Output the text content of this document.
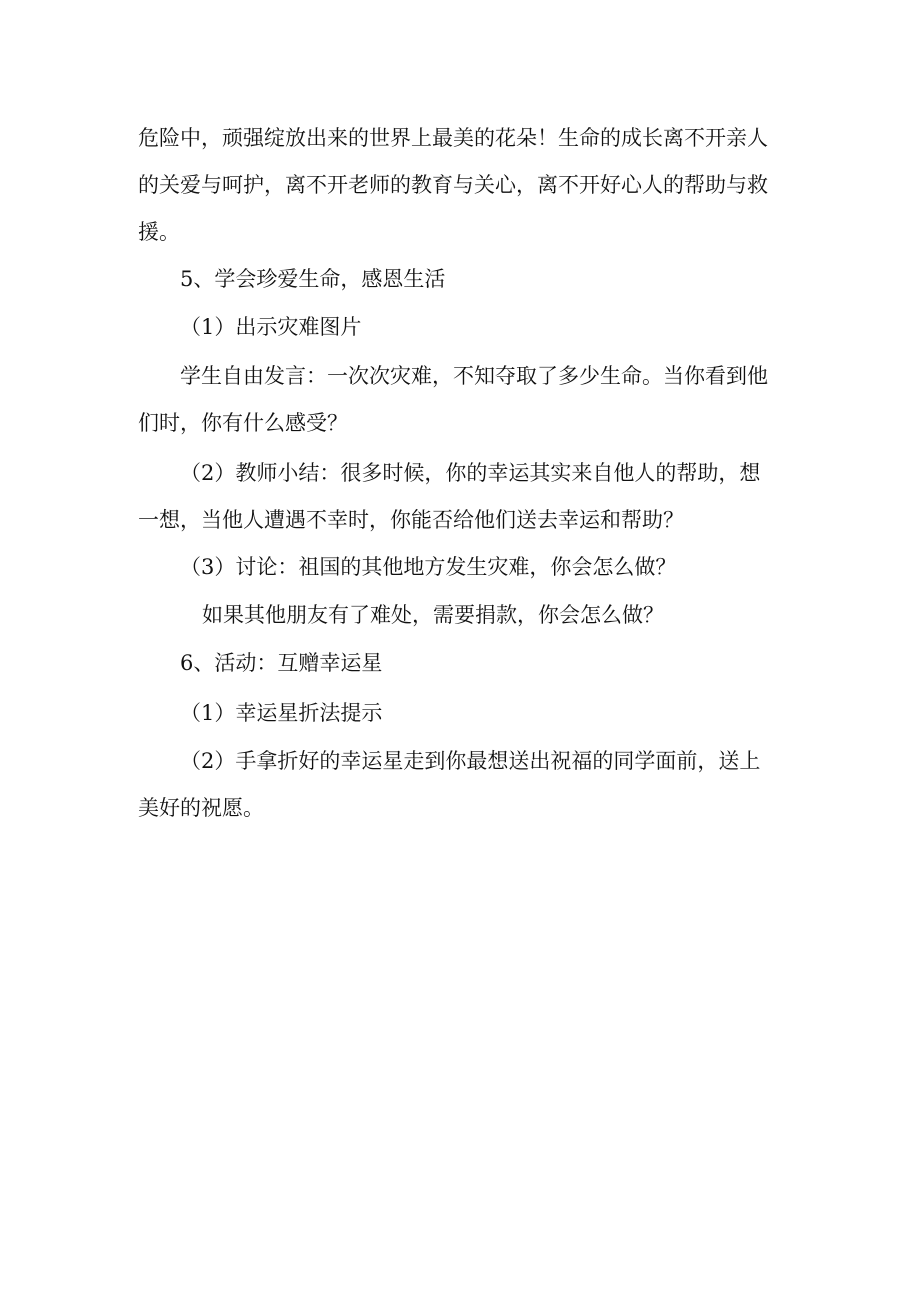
危险中，顽强绽放出来的世界上最美的花朵！生命的成长离不开亲人
的关爱与呵护，离不开老师的教育与关心，离不开好心人的帮助与救
援。
5、学会珍爱生命，感恩生活
（1）出示灾难图片
学生自由发言：一次次灾难，不知夺取了多少生命。当你看到他
们时，你有什么感受？
（2）教师小结：很多时候，你的幸运其实来自他人的帮助，想
一想，当他人遭遇不幸时，你能否给他们送去幸运和帮助？
（3）讨论：祖国的其他地方发生灾难，你会怎么做？
如果其他朋友有了难处，需要捐款，你会怎么做？
6、活动：互赠幸运星
（1）幸运星折法提示
（2）手拿折好的幸运星走到你最想送出祝福的同学面前，送上
美好的祝愿。
